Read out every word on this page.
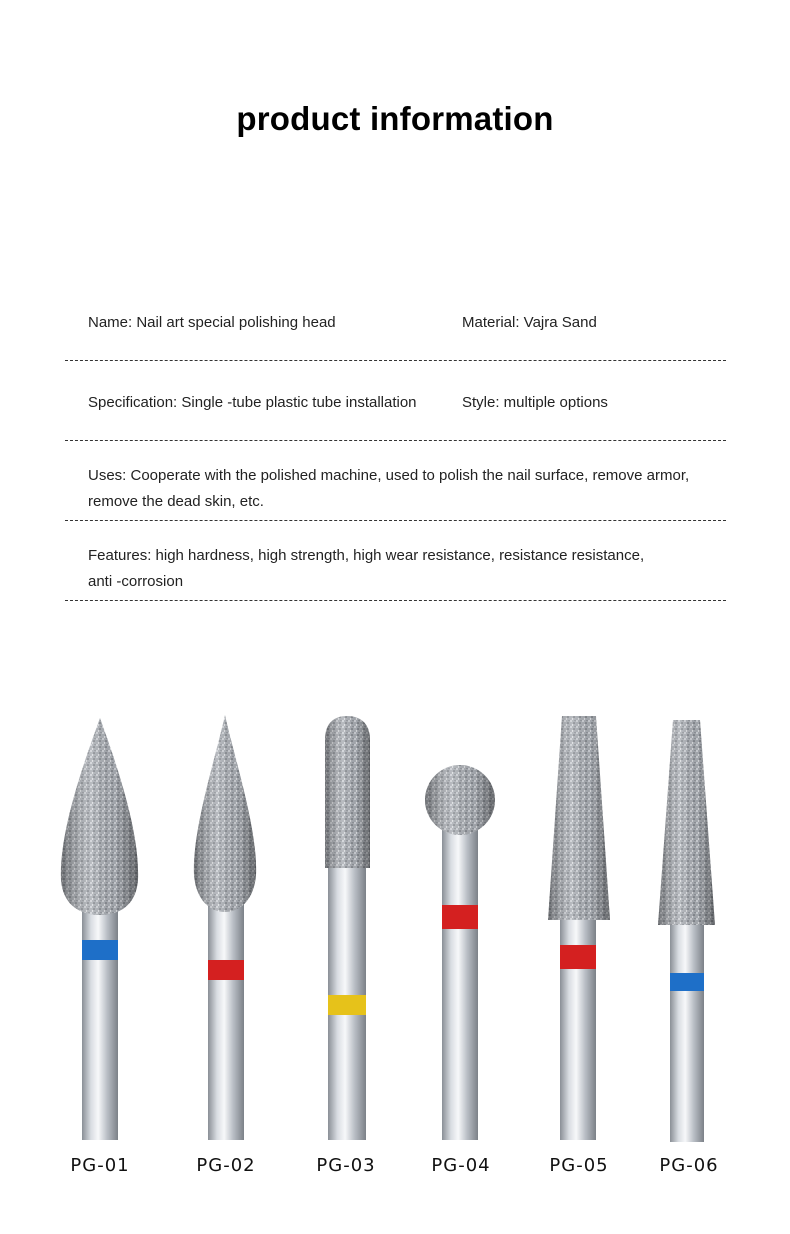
product information
Name: Nail art special polishing head	Material: Vajra Sand
Specification: Single -tube plastic tube installation	Style: multiple options
Uses: Cooperate with the polished machine, used to polish the nail surface, remove armor,
remove the dead skin, etc.
Features: high hardness, high strength, high wear resistance, resistance resistance,
anti -corrosion
PG-01	PG-02	PG-03	PG-04	PG-05	PG-06
